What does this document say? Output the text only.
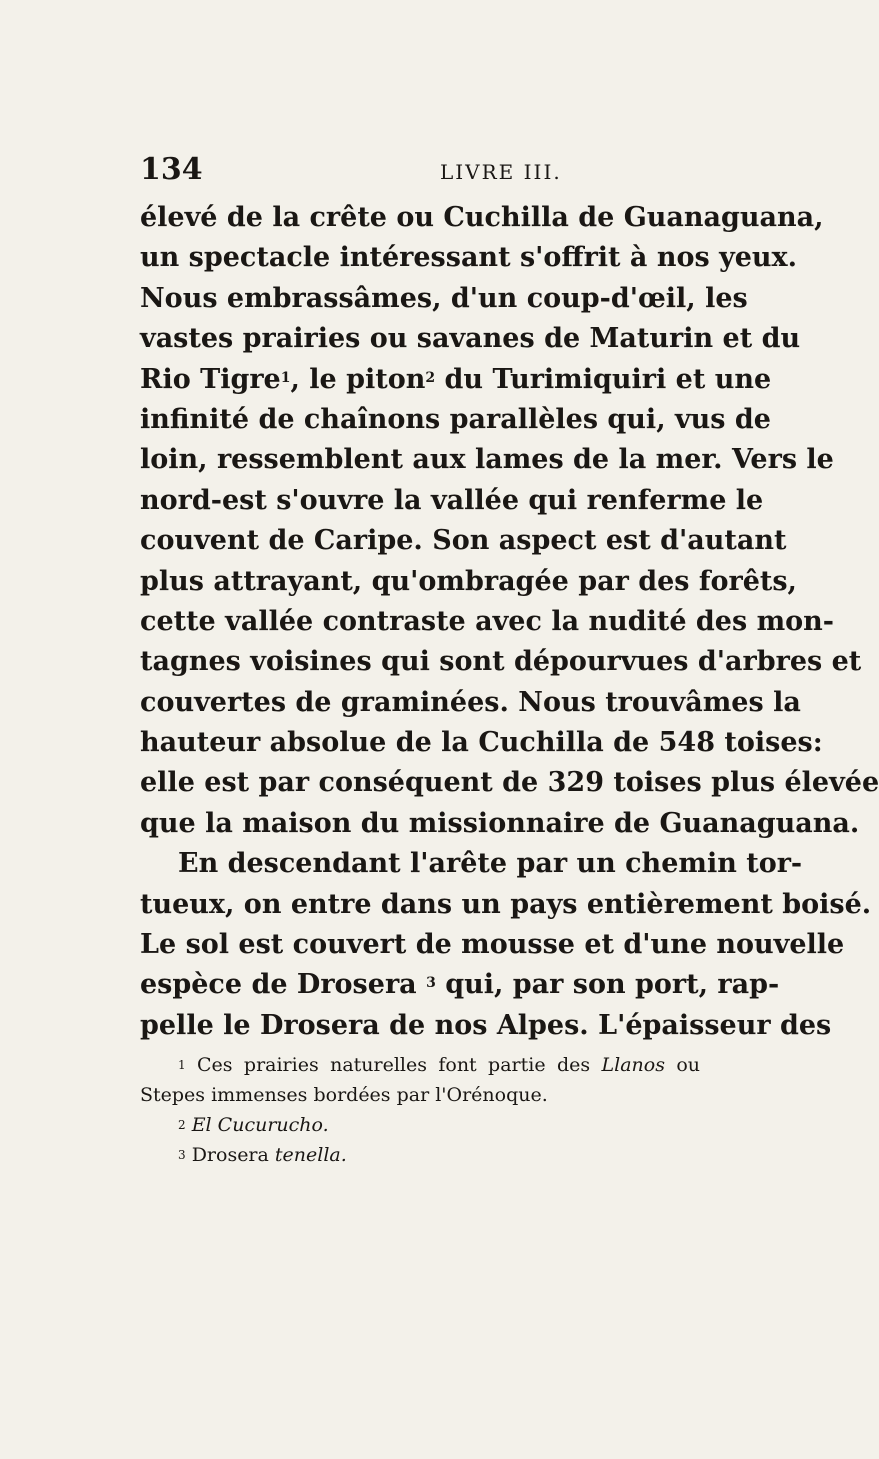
134	LIVRE III.
élevé de la crête ou Cuchilla de Guanaguana,
un spectacle intéressant s'offrit à nos yeux.
Nous embrassâmes, d'un coup-d'œil, les
vastes prairies ou savanes de Maturin et du
Rio Tigre$^1$, le piton$^2$ du Turimiquiri et une
infinité de chaînons parallèles qui, vus de
loin, ressemblent aux lames de la mer. Vers le
nord-est s'ouvre la vallée qui renferme le
couvent de Caripe. Son aspect est d'autant
plus attrayant, qu'ombragée par des forêts,
cette vallée contraste avec la nudité des mon-
tagnes voisines qui sont dépourvues d'arbres et
couvertes de graminées. Nous trouvâmes la
hauteur absolue de la Cuchilla de 548 toises:
elle est par conséquent de 329 toises plus élevée
que la maison du missionnaire de Guanaguana.
En descendant l'arête par un chemin tor-
tueux, on entre dans un pays entièrement boisé.
Le sol est couvert de mousse et d'une nouvelle
espèce de Drosera $^3$ qui, par son port, rap-
pelle le Drosera de nos Alpes. L'épaisseur des
$^1$ Ces prairies naturelles font partie des Llanos ou
Stepes immenses bordées par l'Orénoque.
$^2$ El Cucurucho.
$^3$ Drosera tenella.
